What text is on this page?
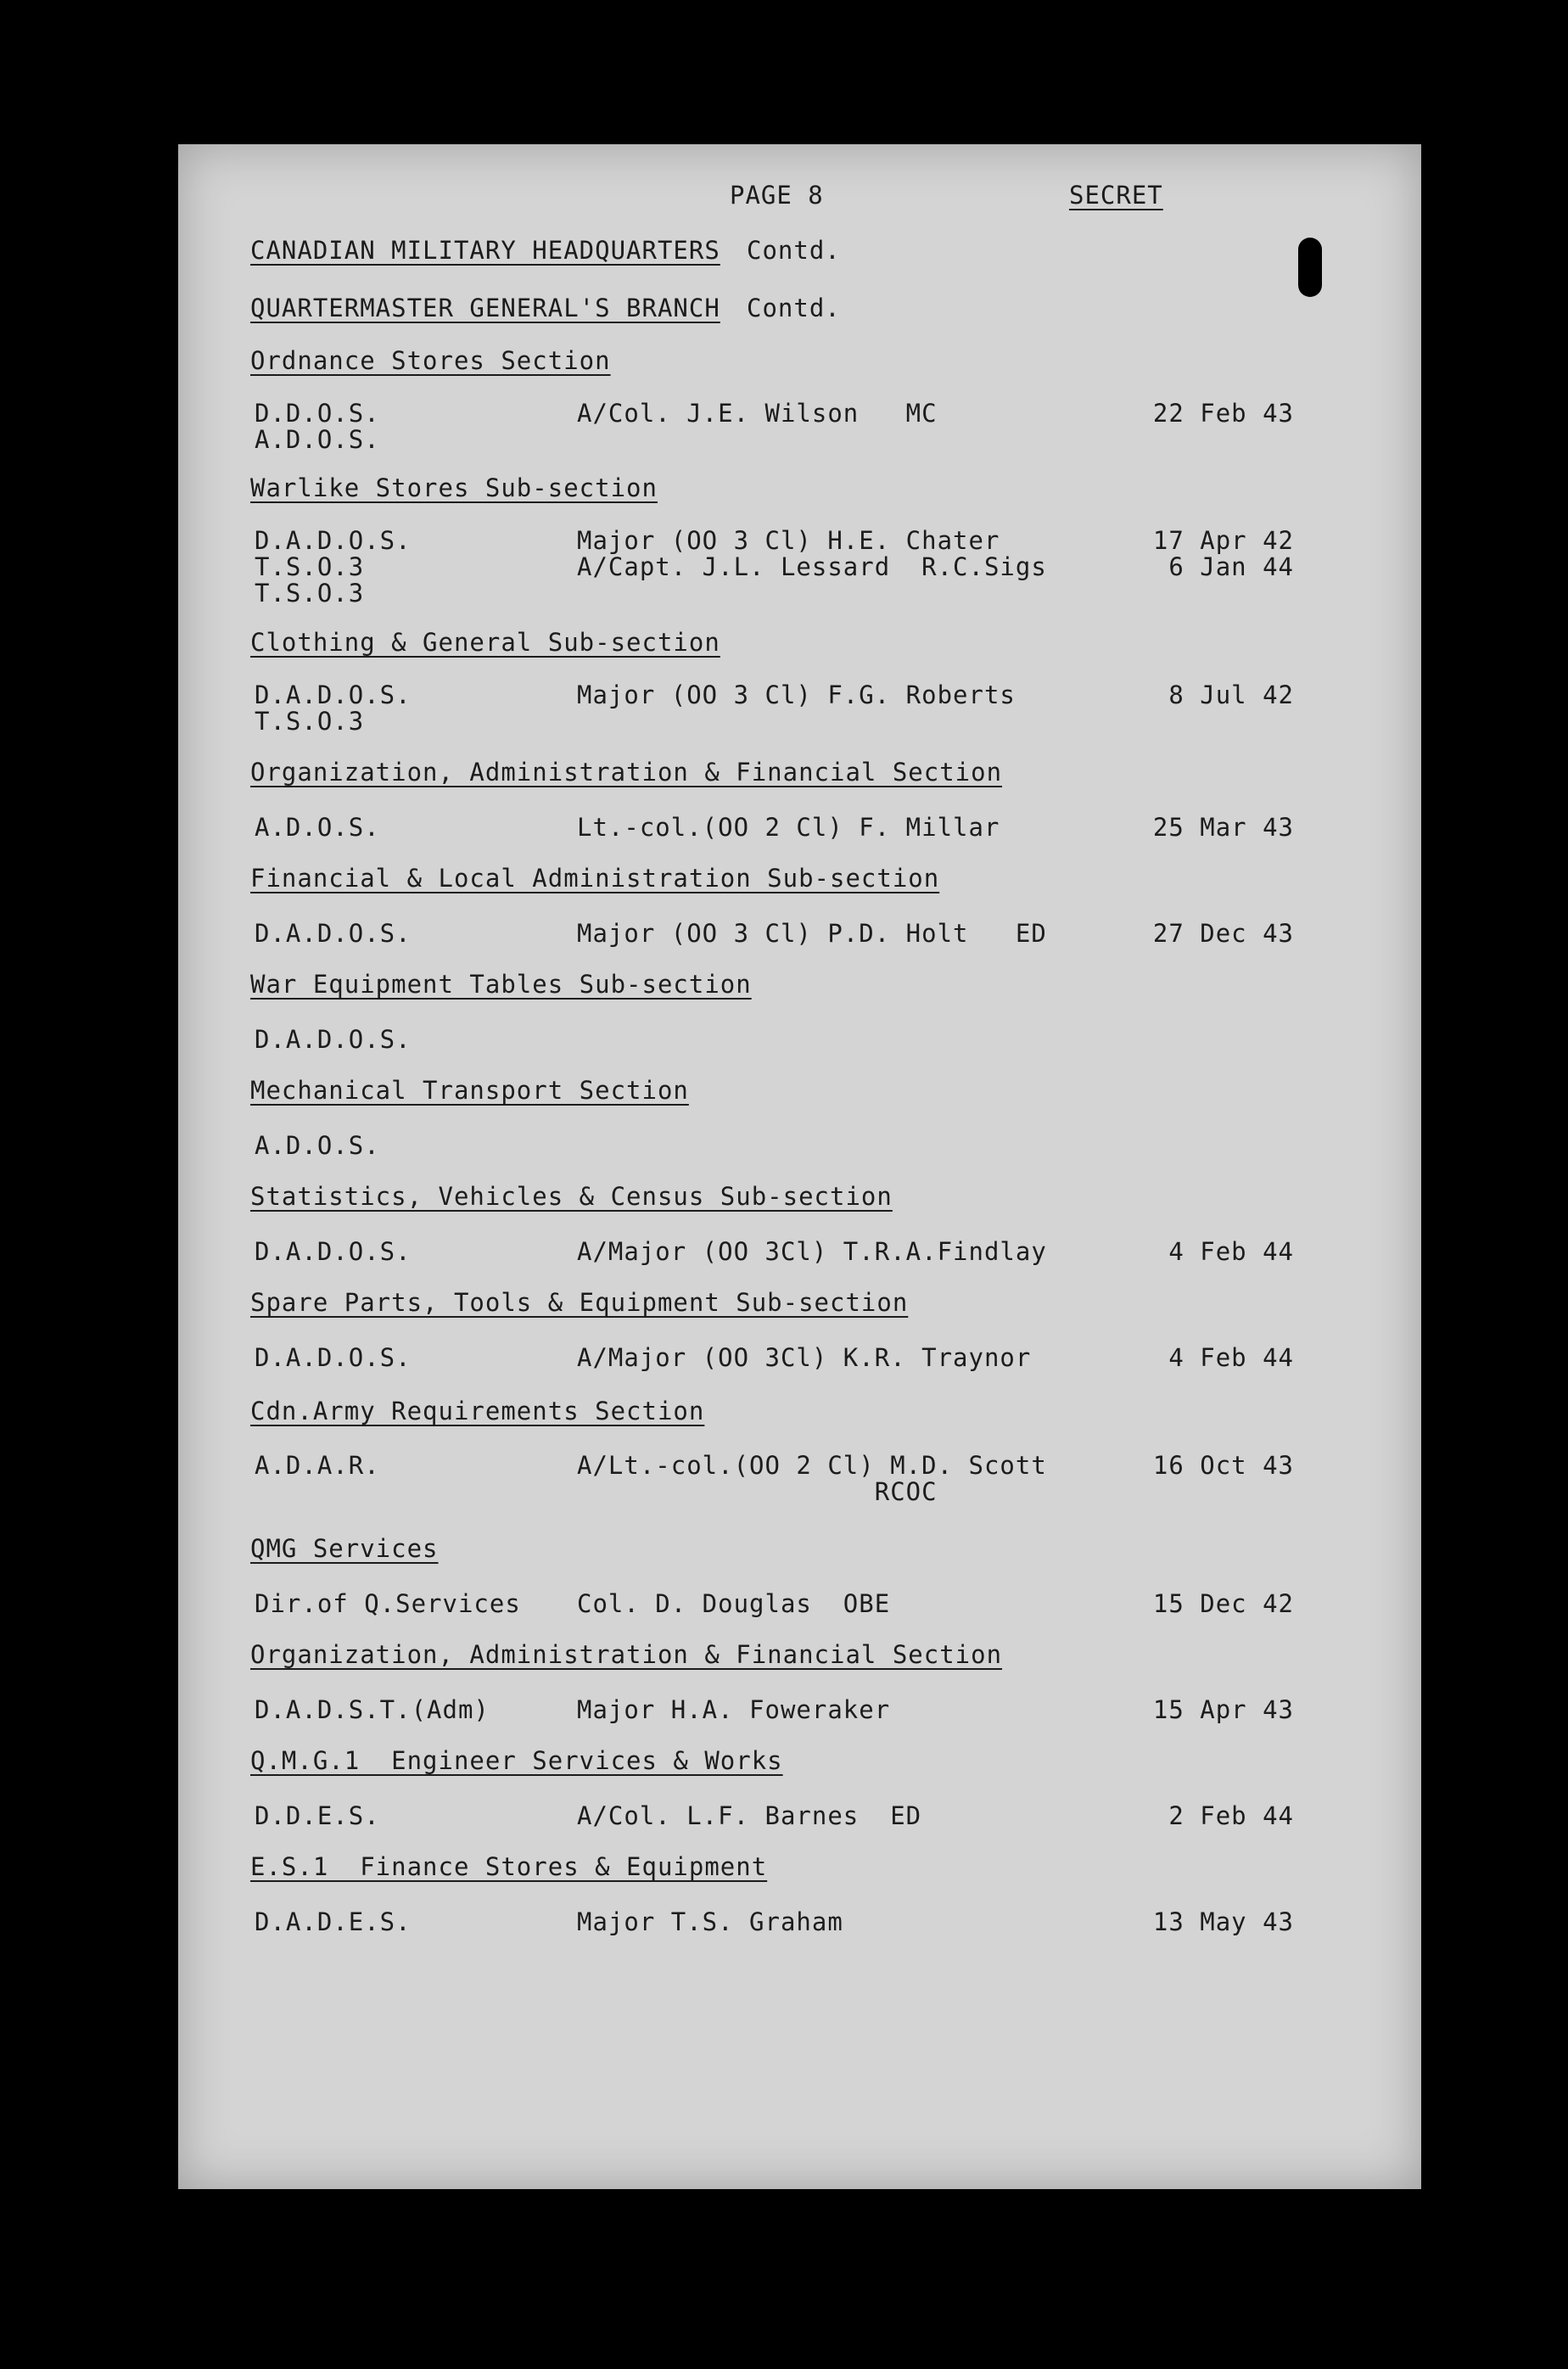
PAGE 8	SECRET
CANADIAN MILITARY HEADQUARTERS Contd.
QUARTERMASTER GENERAL'S BRANCH Contd.
Ordnance Stores Section
D.D.O.S.	A/Col. J.E. Wilson   MC	22 Feb 43
A.D.O.S.
Warlike Stores Sub-section
D.A.D.O.S.	Major (OO 3 Cl) H.E. Chater	17 Apr 42
T.S.O.3	A/Capt. J.L. Lessard  R.C.Sigs	6 Jan 44
T.S.O.3
Clothing & General Sub-section
D.A.D.O.S.	Major (OO 3 Cl) F.G. Roberts	8 Jul 42
T.S.O.3
Organization, Administration & Financial Section
A.D.O.S.	Lt.-col.(OO 2 Cl) F. Millar	25 Mar 43
Financial & Local Administration Sub-section
D.A.D.O.S.	Major (OO 3 Cl) P.D. Holt   ED	27 Dec 43
War Equipment Tables Sub-section
D.A.D.O.S.
Mechanical Transport Section
A.D.O.S.
Statistics, Vehicles & Census Sub-section
D.A.D.O.S.	A/Major (OO 3Cl) T.R.A.Findlay	4 Feb 44
Spare Parts, Tools & Equipment Sub-section
D.A.D.O.S.	A/Major (OO 3Cl) K.R. Traynor	4 Feb 44
Cdn.Army Requirements Section
A.D.A.R.	A/Lt.-col.(OO 2 Cl) M.D. Scott	16 Oct 43
RCOC
QMG Services
Dir.of Q.Services Col. D. Douglas  OBE	15 Dec 42
Organization, Administration & Financial Section
D.A.D.S.T.(Adm)	Major H.A. Foweraker	15 Apr 43
Q.M.G.1  Engineer Services & Works
D.D.E.S.	A/Col. L.F. Barnes  ED	2 Feb 44
E.S.1  Finance Stores & Equipment
D.A.D.E.S.	Major T.S. Graham	13 May 43
